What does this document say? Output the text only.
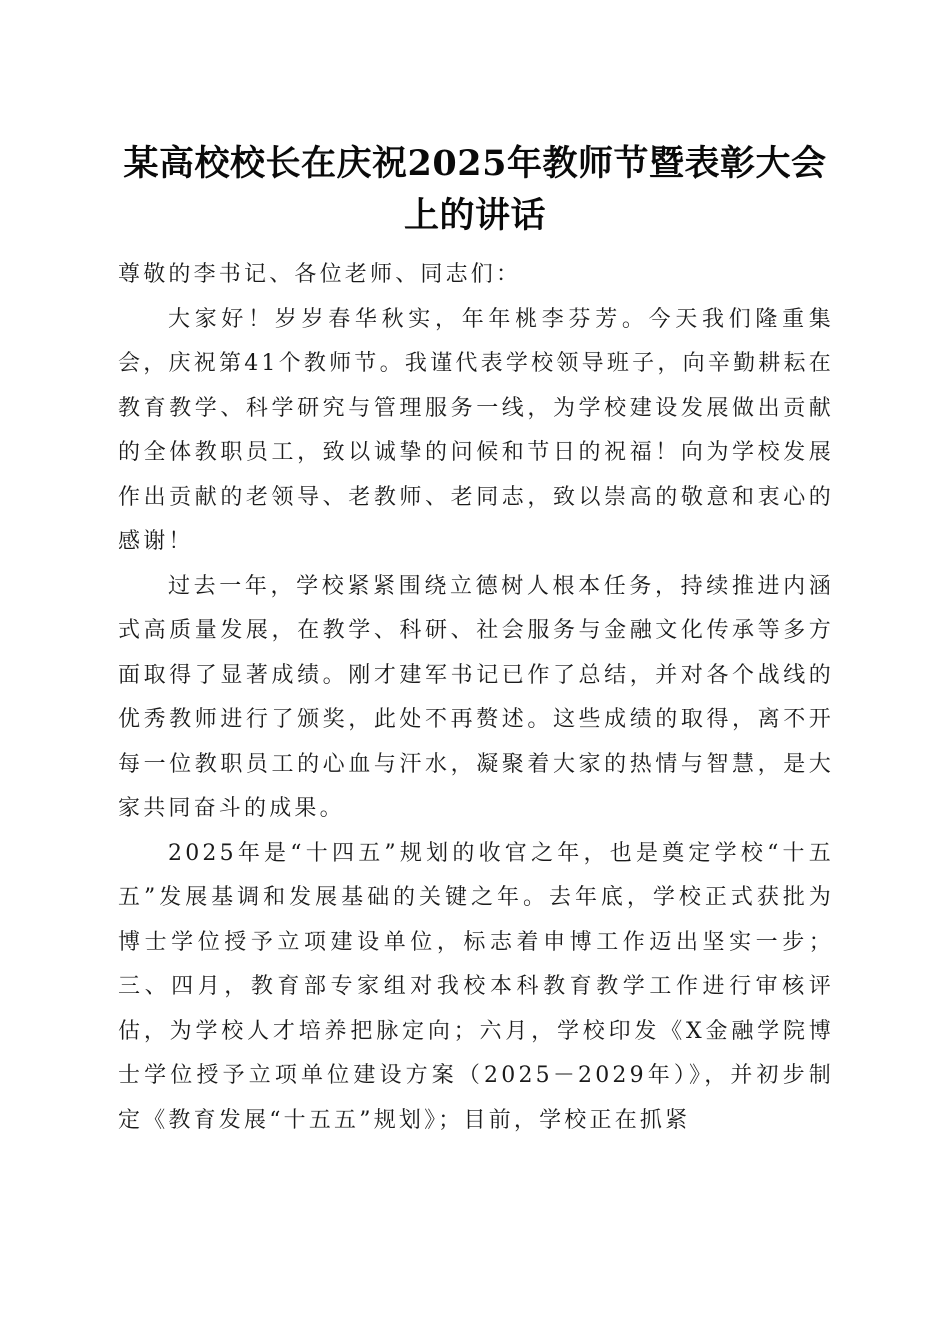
某高校校长在庆祝2025年教师节暨表彰大会
上的讲话

尊敬的李书记、各位老师、同志们：

大家好！岁岁春华秋实，年年桃李芬芳。今天我们隆重集会，庆祝第41个教师节。我谨代表学校领导班子，向辛勤耕耘在教育教学、科学研究与管理服务一线，为学校建设发展做出贡献的全体教职员工，致以诚挚的问候和节日的祝福！向为学校发展作出贡献的老领导、老教师、老同志，致以崇高的敬意和衷心的感谢！

过去一年，学校紧紧围绕立德树人根本任务，持续推进内涵式高质量发展，在教学、科研、社会服务与金融文化传承等多方面取得了显著成绩。刚才建军书记已作了总结，并对各个战线的优秀教师进行了颁奖，此处不再赘述。这些成绩的取得，离不开每一位教职员工的心血与汗水，凝聚着大家的热情与智慧，是大家共同奋斗的成果。

2025年是“十四五”规划的收官之年，也是奠定学校“十五五”发展基调和发展基础的关键之年。去年底，学校正式获批为博士学位授予立项建设单位，标志着申博工作迈出坚实一步；三、四月，教育部专家组对我校本科教育教学工作进行审核评估，为学校人才培养把脉定向；六月，学校印发《X金融学院博士学位授予立项单位建设方案（2025－2029年）》，并初步制定《教育发展“十五五”规划》；目前，学校正在抓紧
